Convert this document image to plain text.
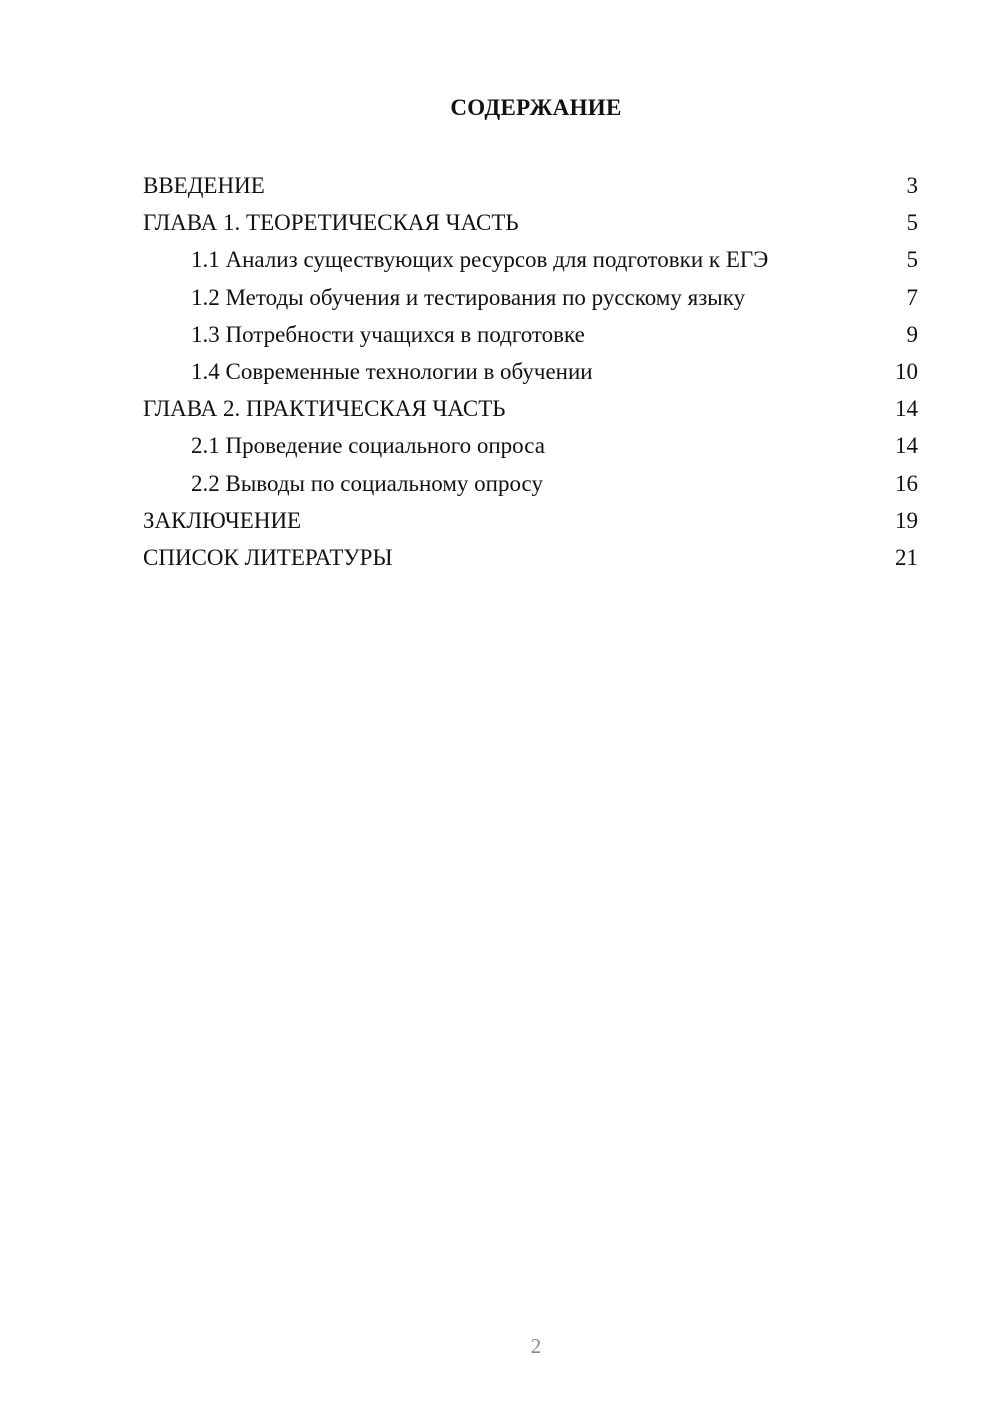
СОДЕРЖАНИЕ
ВВЕДЕНИЕ	3
ГЛАВА 1. ТЕОРЕТИЧЕСКАЯ ЧАСТЬ	5
1.1 Анализ существующих ресурсов для подготовки к ЕГЭ	5
1.2 Методы обучения и тестирования по русскому языку	7
1.3 Потребности учащихся в подготовке	9
1.4 Современные технологии в обучении	10
ГЛАВА 2. ПРАКТИЧЕСКАЯ ЧАСТЬ	14
2.1 Проведение социального опроса	14
2.2 Выводы по социальному опросу	16
ЗАКЛЮЧЕНИЕ	19
СПИСОК ЛИТЕРАТУРЫ	21
2
